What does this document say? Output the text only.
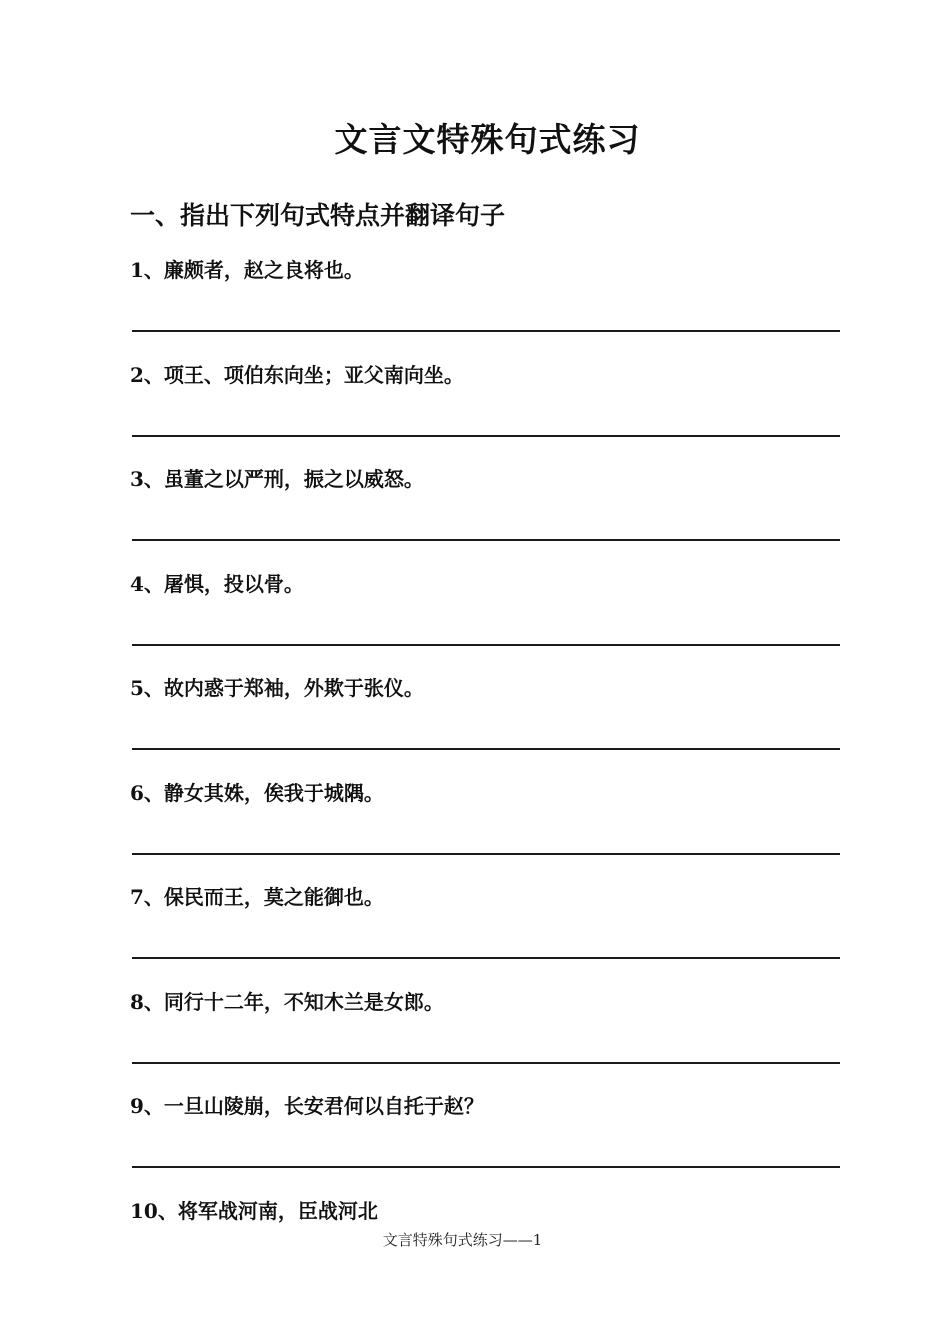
文言文特殊句式练习
一、指出下列句式特点并翻译句子
1、廉颇者，赵之良将也。
2、项王、项伯东向坐；亚父南向坐。
3、虽董之以严刑，振之以威怒。
4、屠惧，投以骨。
5、故内惑于郑袖，外欺于张仪。
6、静女其姝，俟我于城隅。
7、保民而王，莫之能御也。
8、同行十二年，不知木兰是女郎。
9、一旦山陵崩，长安君何以自托于赵？
10、将军战河南，臣战河北
文言特殊句式练习——1
